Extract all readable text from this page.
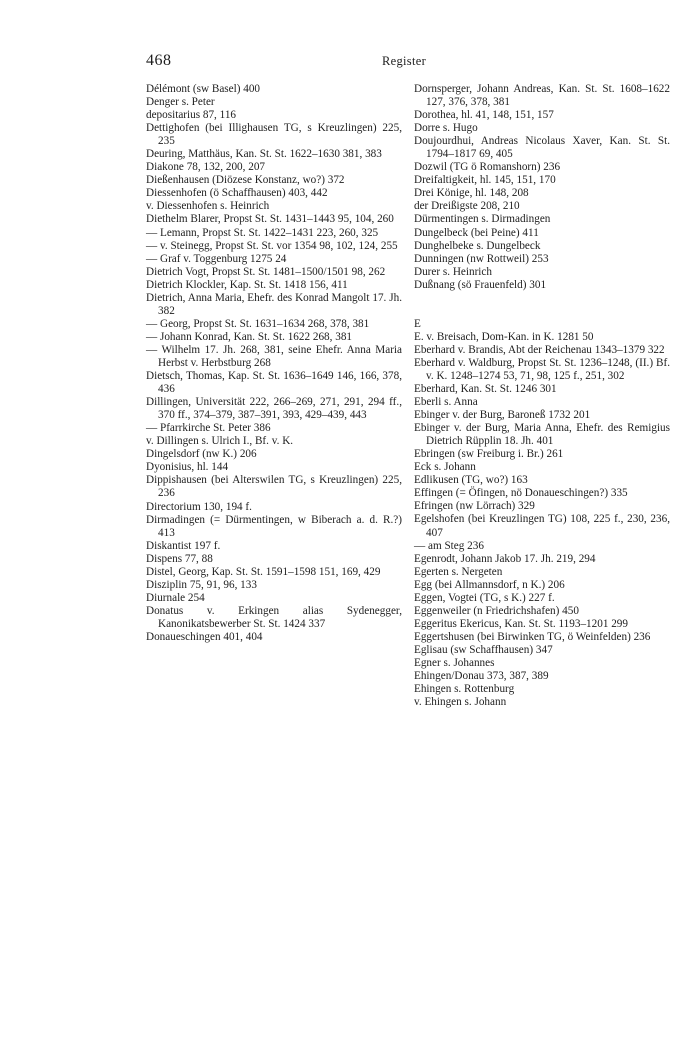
468	Register

Délémont (sw Basel) 400

Denger s. Peter

depositarius 87, 116

Dettighofen (bei Illighausen TG, s Kreuzlingen) 225, 235

Deuring, Matthäus, Kan. St. St. 1622–1630 381, 383

Diakone 78, 132, 200, 207

Dießenhausen (Diözese Konstanz, wo?) 372

Diessenhofen (ö Schaffhausen) 403, 442

v. Diessenhofen s. Heinrich

Diethelm Blarer, Propst St. St. 1431–1443 95, 104, 260

— Lemann, Propst St. St. 1422–1431 223, 260, 325

— v. Steinegg, Propst St. St. vor 1354 98, 102, 124, 255

— Graf v. Toggenburg 1275 24

Dietrich Vogt, Propst St. St. 1481–1500/1501 98, 262

Dietrich Klockler, Kap. St. St. 1418 156, 411

Dietrich, Anna Maria, Ehefr. des Konrad Mangolt 17. Jh. 382

— Georg, Propst St. St. 1631–1634 268, 378, 381

— Johann Konrad, Kan. St. St. 1622 268, 381

— Wilhelm 17. Jh. 268, 381, seine Ehefr. Anna Maria Herbst v. Herbstburg 268

Dietsch, Thomas, Kap. St. St. 1636–1649 146, 166, 378, 436

Dillingen, Universität 222, 266–269, 271, 291, 294 ff., 370 ff., 374–379, 387–391, 393, 429–439, 443

— Pfarrkirche St. Peter 386

v. Dillingen s. Ulrich I., Bf. v. K.

Dingelsdorf (nw K.) 206

Dyonisius, hl. 144

Dippishausen (bei Alterswilen TG, s Kreuzlingen) 225, 236

Directorium 130, 194 f.

Dirmadingen (= Dürmentingen, w Biberach a. d. R.?) 413

Diskantist 197 f.

Dispens 77, 88

Distel, Georg, Kap. St. St. 1591–1598 151, 169, 429

Disziplin 75, 91, 96, 133

Diurnale 254

Donatus v. Erkingen alias Sydenegger, Kanonikatsbewerber St. St. 1424 337

Donaueschingen 401, 404

Dornsperger, Johann Andreas, Kan. St. St. 1608–1622 127, 376, 378, 381

Dorothea, hl. 41, 148, 151, 157

Dorre s. Hugo

Doujourdhui, Andreas Nicolaus Xaver, Kan. St. St. 1794–1817 69, 405

Dozwil (TG ö Romanshorn) 236

Dreifaltigkeit, hl. 145, 151, 170

Drei Könige, hl. 148, 208

der Dreißigste 208, 210

Dürmentingen s. Dirmadingen

Dungelbeck (bei Peine) 411

Dunghelbeke s. Dungelbeck

Dunningen (nw Rottweil) 253

Durer s. Heinrich

Dußnang (sö Frauenfeld) 301

E

E. v. Breisach, Dom-Kan. in K. 1281 50

Eberhard v. Brandis, Abt der Reichenau 1343–1379 322

Eberhard v. Waldburg, Propst St. St. 1236–1248, (II.) Bf. v. K. 1248–1274 53, 71, 98, 125 f., 251, 302

Eberhard, Kan. St. St. 1246 301

Eberli s. Anna

Ebinger v. der Burg, Baroneß 1732 201

Ebinger v. der Burg, Maria Anna, Ehefr. des Remigius Dietrich Rüpplin 18. Jh. 401

Ebringen (sw Freiburg i. Br.) 261

Eck s. Johann

Edlikusen (TG, wo?) 163

Effingen (= Öfingen, nö Donaueschingen?) 335

Efringen (nw Lörrach) 329

Egelshofen (bei Kreuzlingen TG) 108, 225 f., 230, 236, 407

— am Steg 236

Egenrodt, Johann Jakob 17. Jh. 219, 294

Egerten s. Nergeten

Egg (bei Allmannsdorf, n K.) 206

Eggen, Vogtei (TG, s K.) 227 f.

Eggenweiler (n Friedrichshafen) 450

Eggeritus Ekericus, Kan. St. St. 1193–1201 299

Eggertshusen (bei Birwinken TG, ö Weinfelden) 236

Eglisau (sw Schaffhausen) 347

Egner s. Johannes

Ehingen/Donau 373, 387, 389

Ehingen s. Rottenburg

v. Ehingen s. Johann
